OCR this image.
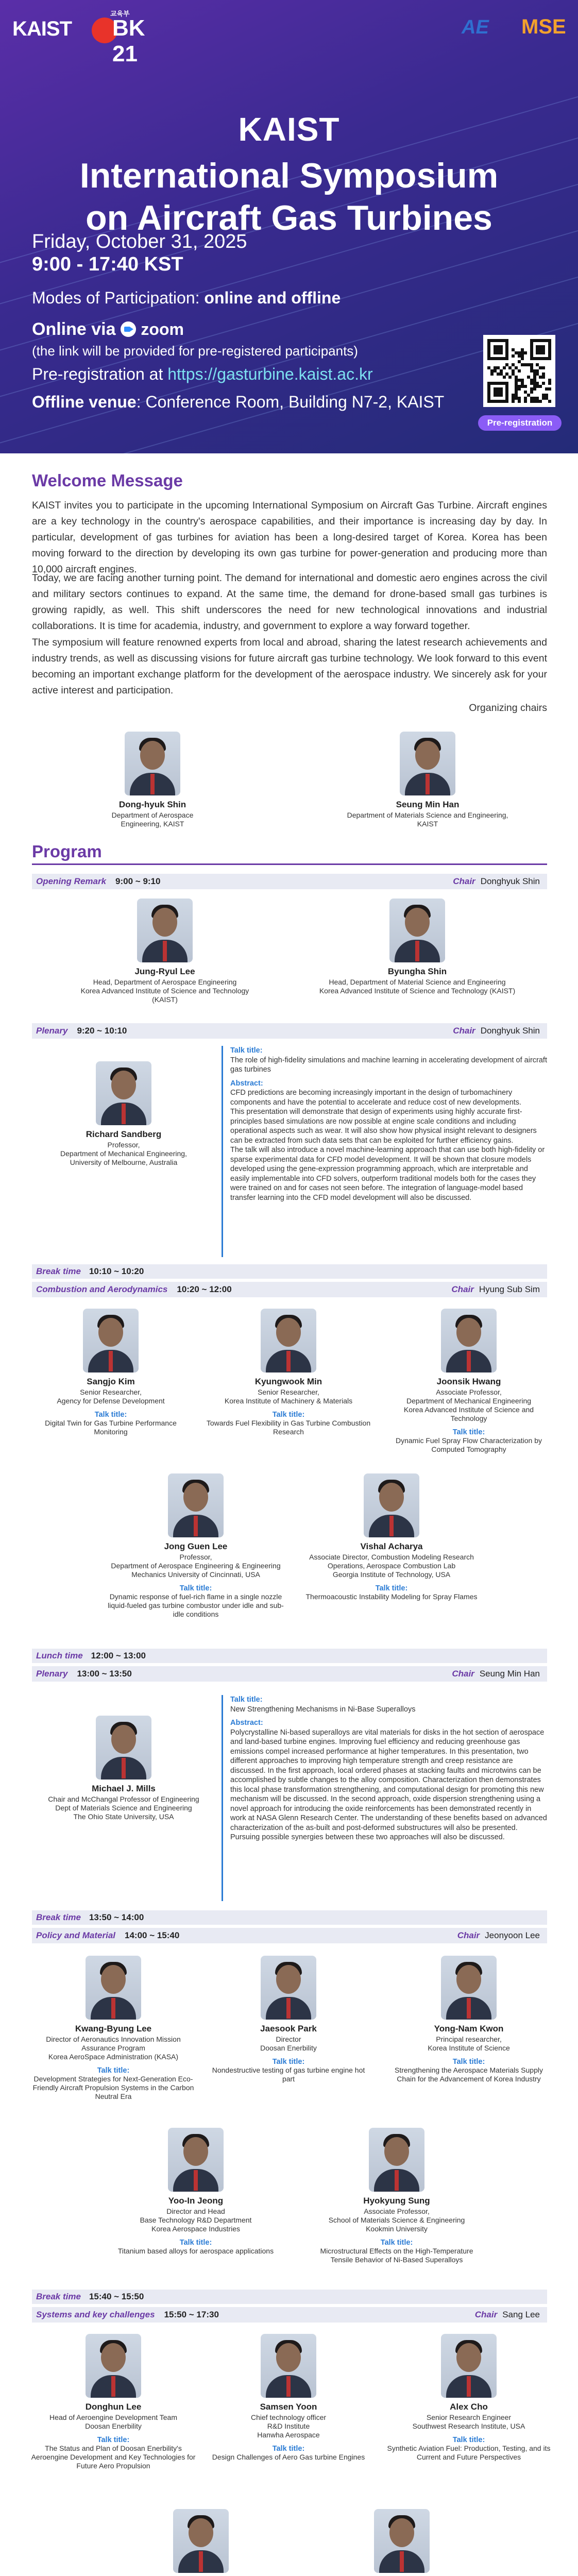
KAIST
교육부
BK 21
AE	MSE
KAIST
International Symposium
on Aircraft Gas Turbines
Friday, October 31, 2025
9:00 - 17:40 KST
Modes of Participation: online and offline
Online via zoom
(the link will be provided for pre-registered participants)
Pre-registration at https://gasturbine.kaist.ac.kr
Offline venue: Conference Room, Building N7-2, KAIST
Pre-registration
Welcome Message
KAIST invites you to participate in the upcoming International Symposium on Aircraft Gas Turbine. Aircraft engines are a key technology in the country's aerospace capabilities, and their importance is increasing day by day. In particular, development of gas turbines for aviation has been a long-desired target of Korea. Korea has been moving forward to the direction by developing its own gas turbine for power-generation and producing more than 10,000 aircraft engines.
Today, we are facing another turning point. The demand for international and domestic aero engines across the civil and military sectors continues to expand. At the same time, the demand for drone-based small gas turbines is growing rapidly, as well. This shift underscores the need for new technological innovations and industrial collaborations. It is time for academia, industry, and government to explore a way forward together.
The symposium will feature renowned experts from local and abroad, sharing the latest research achievements and industry trends, as well as discussing visions for future aircraft gas turbine technology. We look forward to this event becoming an important exchange platform for the development of the aerospace industry. We sincerely ask for your active interest and participation.
Organizing chairs
Dong-hyuk Shin
Department of Aerospace Engineering, KAIST
Seung Min Han
Department of Materials Science and Engineering, KAIST
Program
Opening Remark 9:00 ~ 9:10	Chair Donghyuk Shin
Jung-Ryul Lee
Head, Department of Aerospace Engineering
Korea Advanced Institute of Science and Technology (KAIST)
Byungha Shin
Head, Department of Material Science and Engineering
Korea Advanced Institute of Science and Technology (KAIST)
Plenary 9:20 ~ 10:10	Chair Donghyuk Shin
Richard Sandberg
Professor,
Department of Mechanical Engineering,
University of Melbourne, Australia
Talk title:
The role of high-fidelity simulations and machine learning in accelerating development of aircraft gas turbines
Abstract:
CFD predictions are becoming increasingly important in the design of turbomachinery components and have the potential to accelerate and reduce cost of new developments.
This presentation will demonstrate that design of experiments using highly accurate first-principles based simulations are now possible at engine scale conditions and including operational aspects such as wear. It will also show how physical insight relevant to designers can be extracted from such data sets that can be exploited for further efficiency gains.
The talk will also introduce a novel machine-learning approach that can use both high-fidelity or sparse experimental data for CFD model development. It will be shown that closure models developed using the gene-expression programming approach, which are interpretable and easily implementable into CFD solvers, outperform traditional models both for the cases they were trained on and for cases not seen before. The integration of language-model based transfer learning into the CFD model development will also be discussed.
Break time 10:10 ~ 10:20
Combustion and Aerodynamics 10:20 ~ 12:00	Chair Hyung Sub Sim
Sangjo Kim
Senior Researcher,
Agency for Defense Development
Talk title:
Digital Twin for Gas Turbine Performance Monitoring
Kyungwook Min
Senior Researcher,
Korea Institute of Machinery & Materials
Talk title:
Towards Fuel Flexibility in Gas Turbine Combustion Research
Joonsik Hwang
Associate Professor,
Department of Mechanical Engineering
Korea Advanced Institute of Science and Technology
Talk title:
Dynamic Fuel Spray Flow Characterization by Computed Tomography
Jong Guen Lee
Professor,
Department of Aerospace Engineering & Engineering
Mechanics University of Cincinnati, USA
Talk title:
Dynamic response of fuel-rich flame in a single nozzle liquid-fueled gas turbine combustor under idle and sub-idle conditions
Vishal Acharya
Associate Director, Combustion Modeling Research Operations, Aerospace Combustion Lab
Georgia Institute of Technology, USA
Talk title:
Thermoacoustic Instability Modeling for Spray Flames
Lunch time 12:00 ~ 13:00
Plenary 13:00 ~ 13:50	Chair Seung Min Han
Michael J. Mills
Chair and McChangal Professor of Engineering
Dept of Materials Science and Engineering
The Ohio State University, USA
Talk title:
New Strengthening Mechanisms in Ni-Base Superalloys
Abstract:
Polycrystalline Ni-based superalloys are vital materials for disks in the hot section of aerospace and land-based turbine engines. Improving fuel efficiency and reducing greenhouse gas emissions compel increased performance at higher temperatures. In this presentation, two different approaches to improving high temperature strength and creep resistance are discussed. In the first approach, local ordered phases at stacking faults and microtwins can be accomplished by subtle changes to the alloy composition. Characterization then demonstrates this local phase transformation strengthening, and computational design for promoting this new mechanism will be discussed. In the second approach, oxide dispersion strengthening using a novel approach for introducing the oxide reinforcements has been demonstrated recently in work at NASA Glenn Research Center. The understanding of these benefits based on advanced characterization of the as-built and post-deformed substructures will also be presented. Pursuing possible synergies between these two approaches will also be discussed.
Break time 13:50 ~ 14:00
Policy and Material 14:00 ~ 15:40	Chair Jeonyoon Lee
Kwang-Byung Lee
Director of Aeronautics Innovation Mission
Assurance Program
Korea AeroSpace Administration (KASA)
Talk title:
Development Strategies for Next-Generation Eco-Friendly Aircraft Propulsion Systems in the Carbon Neutral Era
Jaesook Park
Director
Doosan Enerbility
Talk title:
Nondestructive testing of gas turbine engine hot part
Yong-Nam Kwon
Principal researcher,
Korea Institute of Science
Talk title:
Strengthening the Aerospace Materials Supply Chain for the Advancement of Korea Industry
Yoo-In Jeong
Director and Head
Base Technology R&D Department
Korea Aerospace Industries
Talk title:
Titanium based alloys for aerospace applications
Hyokyung Sung
Associate Professor,
School of Materials Science & Engineering
Kookmin University
Talk title:
Microstructural Effects on the High-Temperature Tensile Behavior of Ni-Based Superalloys
Break time 15:40 ~ 15:50
Systems and key challenges 15:50 ~ 17:30	Chair Sang Lee
Donghun Lee
Head of Aeroengine Development Team
Doosan Enerbility
Talk title:
The Status and Plan of Doosan Enerbility's Aeroengine Development and Key Technologies for Future Aero Propulsion
Samsen Yoon
Chief technology officer
R&D Institute
Hanwha Aerospace
Talk title:
Design Challenges of Aero Gas turbine Engines
Alex Cho
Senior Research Engineer
Southwest Research Institute, USA
Talk title:
Synthetic Aviation Fuel: Production, Testing, and its Current and Future Perspectives
